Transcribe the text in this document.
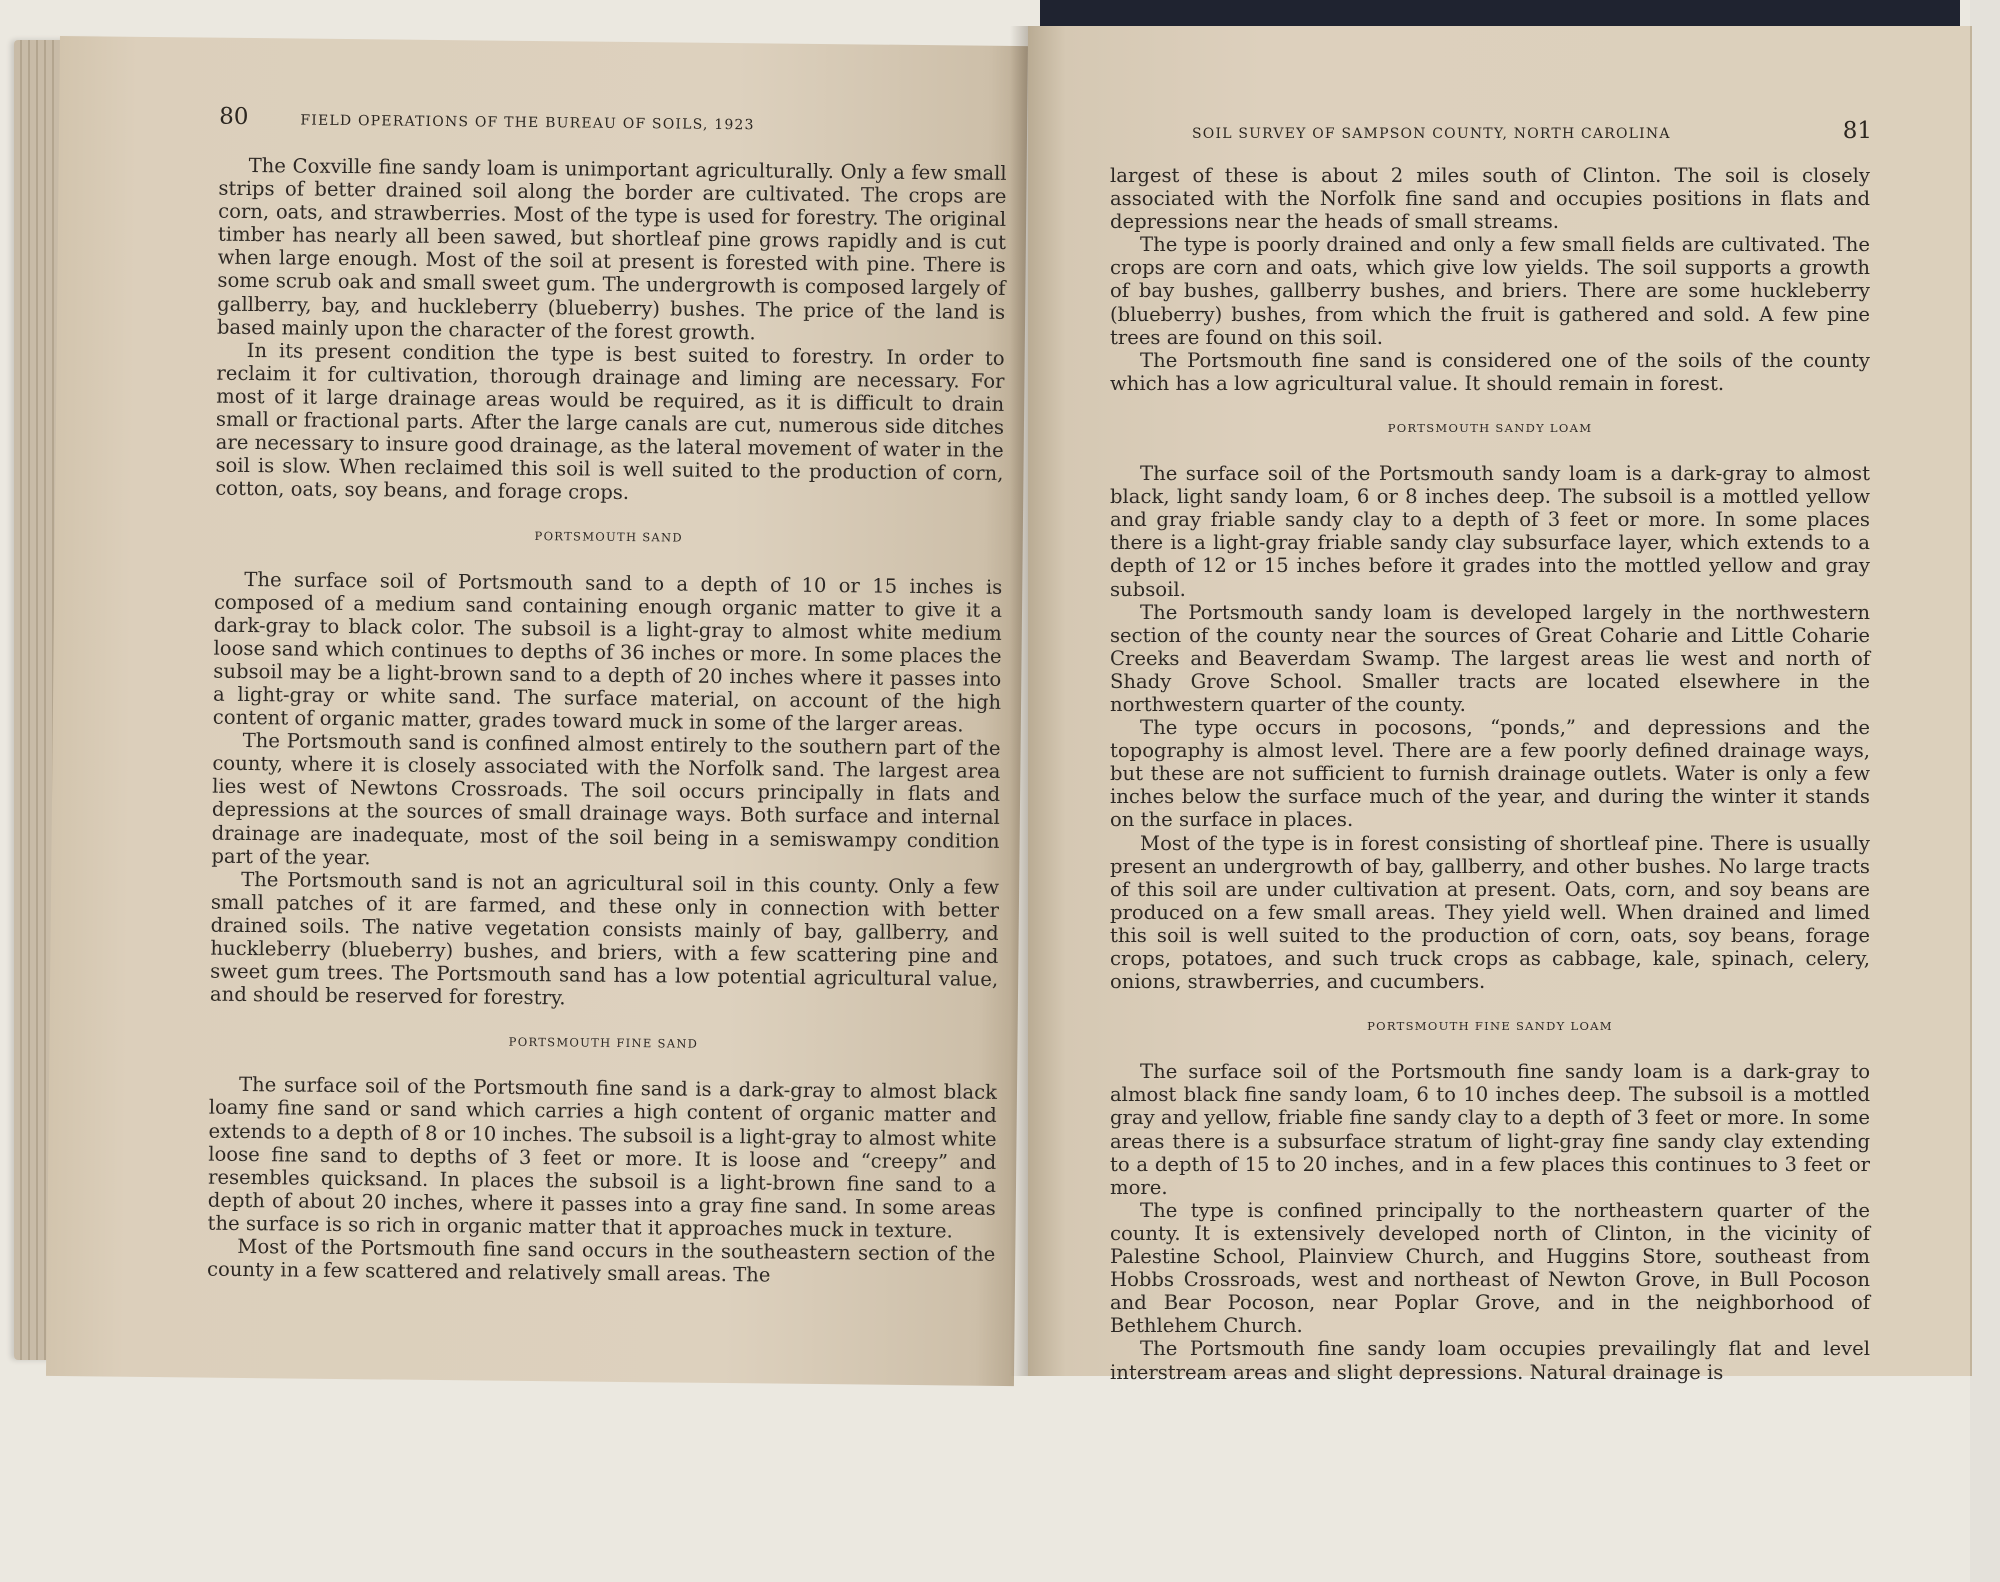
80	FIELD OPERATIONS OF THE BUREAU OF SOILS, 1923

The Coxville fine sandy loam is unimportant agriculturally. Only a few small strips of better drained soil along the border are cultivated. The crops are corn, oats, and strawberries. Most of the type is used for forestry. The original timber has nearly all been sawed, but shortleaf pine grows rapidly and is cut when large enough. Most of the soil at present is forested with pine. There is some scrub oak and small sweet gum. The undergrowth is composed largely of gallberry, bay, and huckleberry (blueberry) bushes. The price of the land is based mainly upon the character of the forest growth.

In its present condition the type is best suited to forestry. In order to reclaim it for cultivation, thorough drainage and liming are necessary. For most of it large drainage areas would be required, as it is difficult to drain small or fractional parts. After the large canals are cut, numerous side ditches are necessary to insure good drainage, as the lateral movement of water in the soil is slow. When reclaimed this soil is well suited to the production of corn, cotton, oats, soy beans, and forage crops.

PORTSMOUTH SAND

The surface soil of Portsmouth sand to a depth of 10 or 15 inches is composed of a medium sand containing enough organic matter to give it a dark-gray to black color. The subsoil is a light-gray to almost white medium loose sand which continues to depths of 36 inches or more. In some places the subsoil may be a light-brown sand to a depth of 20 inches where it passes into a light-gray or white sand. The surface material, on account of the high content of organic matter, grades toward muck in some of the larger areas.

The Portsmouth sand is confined almost entirely to the southern part of the county, where it is closely associated with the Norfolk sand. The largest area lies west of Newtons Crossroads. The soil occurs principally in flats and depressions at the sources of small drainage ways. Both surface and internal drainage are inadequate, most of the soil being in a semiswampy condition part of the year.

The Portsmouth sand is not an agricultural soil in this county. Only a few small patches of it are farmed, and these only in connection with better drained soils. The native vegetation consists mainly of bay, gallberry, and huckleberry (blueberry) bushes, and briers, with a few scattering pine and sweet gum trees. The Portsmouth sand has a low potential agricultural value, and should be reserved for forestry.

PORTSMOUTH FINE SAND

The surface soil of the Portsmouth fine sand is a dark-gray to almost black loamy fine sand or sand which carries a high content of organic matter and extends to a depth of 8 or 10 inches. The subsoil is a light-gray to almost white loose fine sand to depths of 3 feet or more. It is loose and “creepy” and resembles quicksand. In places the subsoil is a light-brown fine sand to a depth of about 20 inches, where it passes into a gray fine sand. In some areas the surface is so rich in organic matter that it approaches muck in texture.

Most of the Portsmouth fine sand occurs in the southeastern section of the county in a few scattered and relatively small areas. The

SOIL SURVEY OF SAMPSON COUNTY, NORTH CAROLINA	81

largest of these is about 2 miles south of Clinton. The soil is closely associated with the Norfolk fine sand and occupies positions in flats and depressions near the heads of small streams.

The type is poorly drained and only a few small fields are cultivated. The crops are corn and oats, which give low yields. The soil supports a growth of bay bushes, gallberry bushes, and briers. There are some huckleberry (blueberry) bushes, from which the fruit is gathered and sold. A few pine trees are found on this soil.

The Portsmouth fine sand is considered one of the soils of the county which has a low agricultural value. It should remain in forest.

PORTSMOUTH SANDY LOAM

The surface soil of the Portsmouth sandy loam is a dark-gray to almost black, light sandy loam, 6 or 8 inches deep. The subsoil is a mottled yellow and gray friable sandy clay to a depth of 3 feet or more. In some places there is a light-gray friable sandy clay subsurface layer, which extends to a depth of 12 or 15 inches before it grades into the mottled yellow and gray subsoil.

The Portsmouth sandy loam is developed largely in the northwestern section of the county near the sources of Great Coharie and Little Coharie Creeks and Beaverdam Swamp. The largest areas lie west and north of Shady Grove School. Smaller tracts are located elsewhere in the northwestern quarter of the county.

The type occurs in pocosons, “ponds,” and depressions and the topography is almost level. There are a few poorly defined drainage ways, but these are not sufficient to furnish drainage outlets. Water is only a few inches below the surface much of the year, and during the winter it stands on the surface in places.

Most of the type is in forest consisting of shortleaf pine. There is usually present an undergrowth of bay, gallberry, and other bushes. No large tracts of this soil are under cultivation at present. Oats, corn, and soy beans are produced on a few small areas. They yield well. When drained and limed this soil is well suited to the production of corn, oats, soy beans, forage crops, potatoes, and such truck crops as cabbage, kale, spinach, celery, onions, strawberries, and cucumbers.

PORTSMOUTH FINE SANDY LOAM

The surface soil of the Portsmouth fine sandy loam is a dark-gray to almost black fine sandy loam, 6 to 10 inches deep. The subsoil is a mottled gray and yellow, friable fine sandy clay to a depth of 3 feet or more. In some areas there is a subsurface stratum of light-gray fine sandy clay extending to a depth of 15 to 20 inches, and in a few places this continues to 3 feet or more.

The type is confined principally to the northeastern quarter of the county. It is extensively developed north of Clinton, in the vicinity of Palestine School, Plainview Church, and Huggins Store, southeast from Hobbs Crossroads, west and northeast of Newton Grove, in Bull Pocoson and Bear Pocoson, near Poplar Grove, and in the neighborhood of Bethlehem Church.

The Portsmouth fine sandy loam occupies prevailingly flat and level interstream areas and slight depressions. Natural drainage is
